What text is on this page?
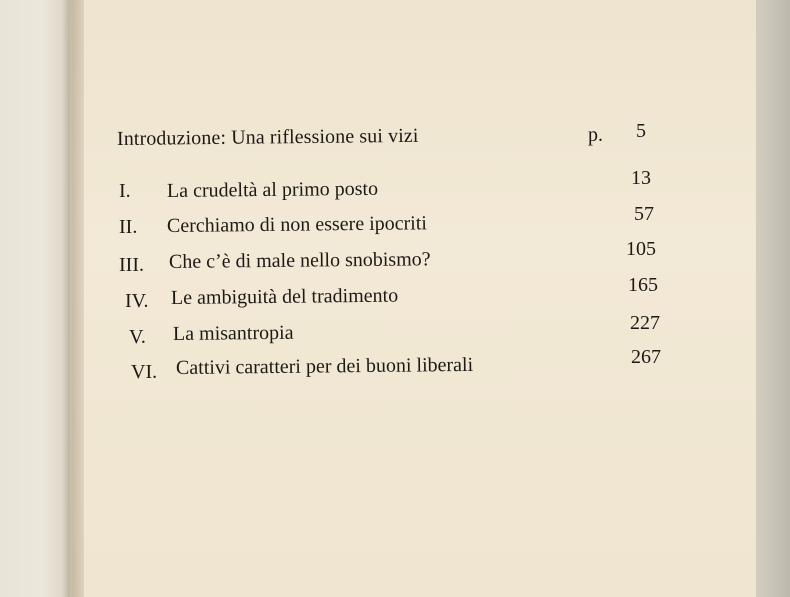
Introduzione: Una riflessione sui vizi	p. 5
I. La crudeltà al primo posto	13
II. Cerchiamo di non essere ipocriti	57
III. Che c’è di male nello snobismo?	105
IV. Le ambiguità del tradimento	165
V. La misantropia	227
VI. Cattivi caratteri per dei buoni liberali	267
